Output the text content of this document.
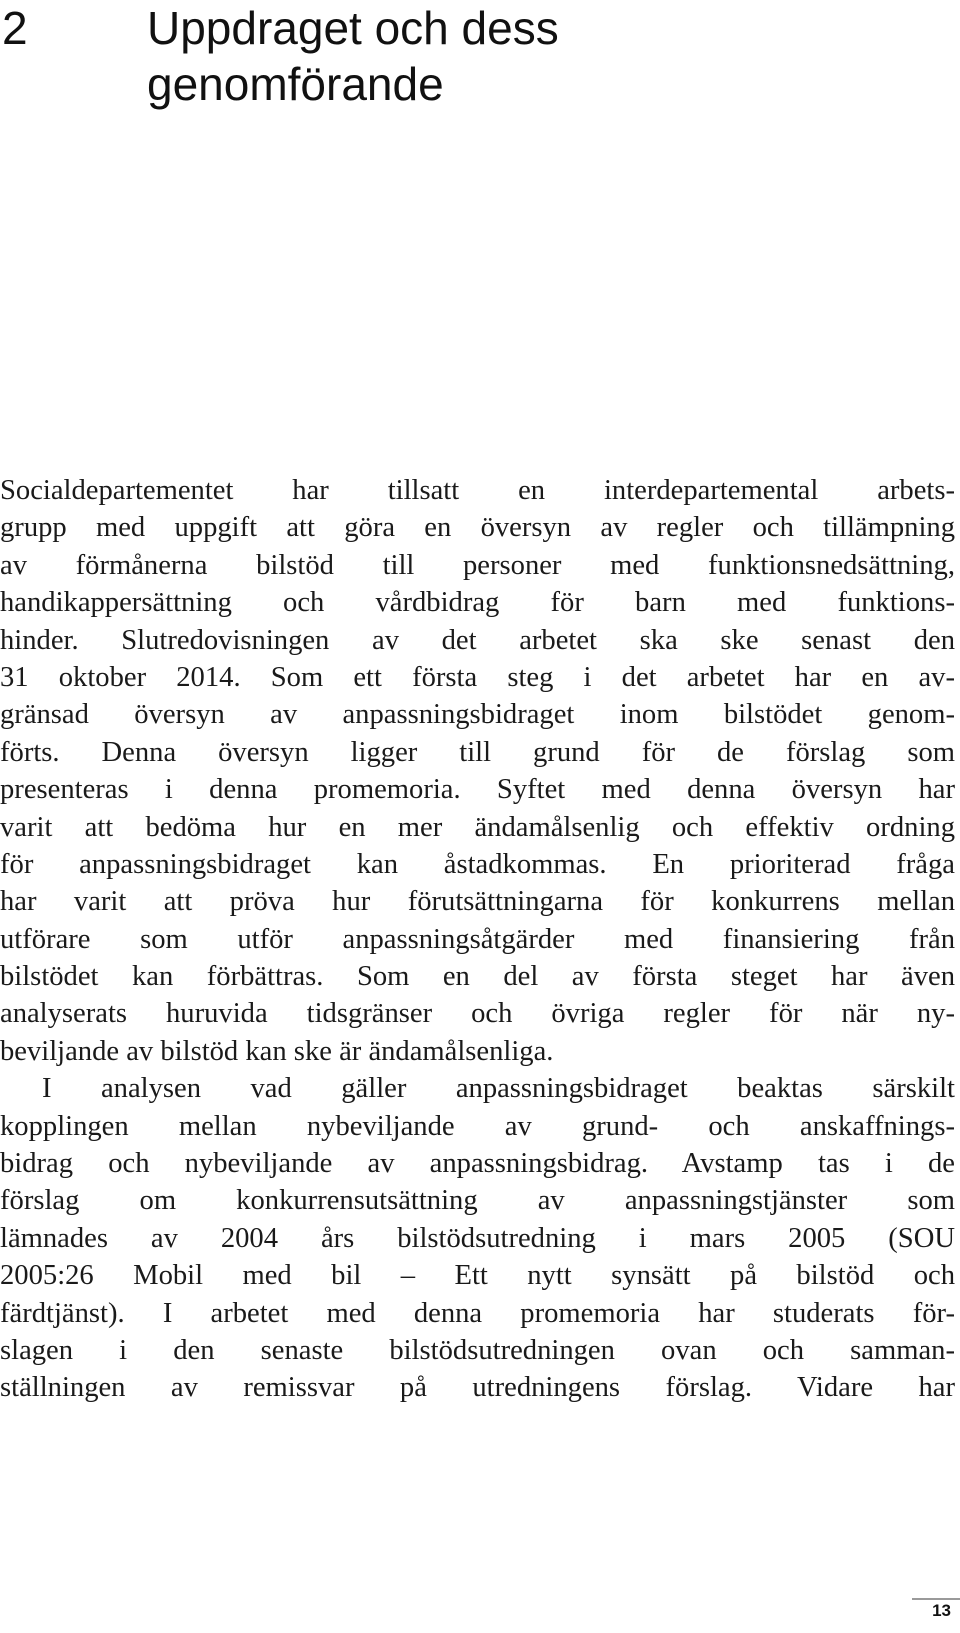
2	Uppdraget och dess
genomförande
Socialdepartementet har tillsatt en interdepartemental arbets-
grupp med uppgift att göra en översyn av regler och tillämpning
av förmånerna bilstöd till personer med funktionsnedsättning,
handikappersättning och vårdbidrag för barn med funktions-
hinder. Slutredovisningen av det arbetet ska ske senast den
31 oktober 2014. Som ett första steg i det arbetet har en av-
gränsad översyn av anpassningsbidraget inom bilstödet genom-
förts. Denna översyn ligger till grund för de förslag som
presenteras i denna promemoria. Syftet med denna översyn har
varit att bedöma hur en mer ändamålsenlig och effektiv ordning
för anpassningsbidraget kan åstadkommas. En prioriterad fråga
har varit att pröva hur förutsättningarna för konkurrens mellan
utförare som utför anpassningsåtgärder med finansiering från
bilstödet kan förbättras. Som en del av första steget har även
analyserats huruvida tidsgränser och övriga regler för när ny-
beviljande av bilstöd kan ske är ändamålsenliga.
I analysen vad gäller anpassningsbidraget beaktas särskilt
kopplingen mellan nybeviljande av grund- och anskaffnings-
bidrag och nybeviljande av anpassningsbidrag. Avstamp tas i de
förslag om konkurrensutsättning av anpassningstjänster som
lämnades av 2004 års bilstödsutredning i mars 2005 (SOU
2005:26 Mobil med bil – Ett nytt synsätt på bilstöd och
färdtjänst). I arbetet med denna promemoria har studerats för-
slagen i den senaste bilstödsutredningen ovan och samman-
ställningen av remissvar på utredningens förslag. Vidare har
13
